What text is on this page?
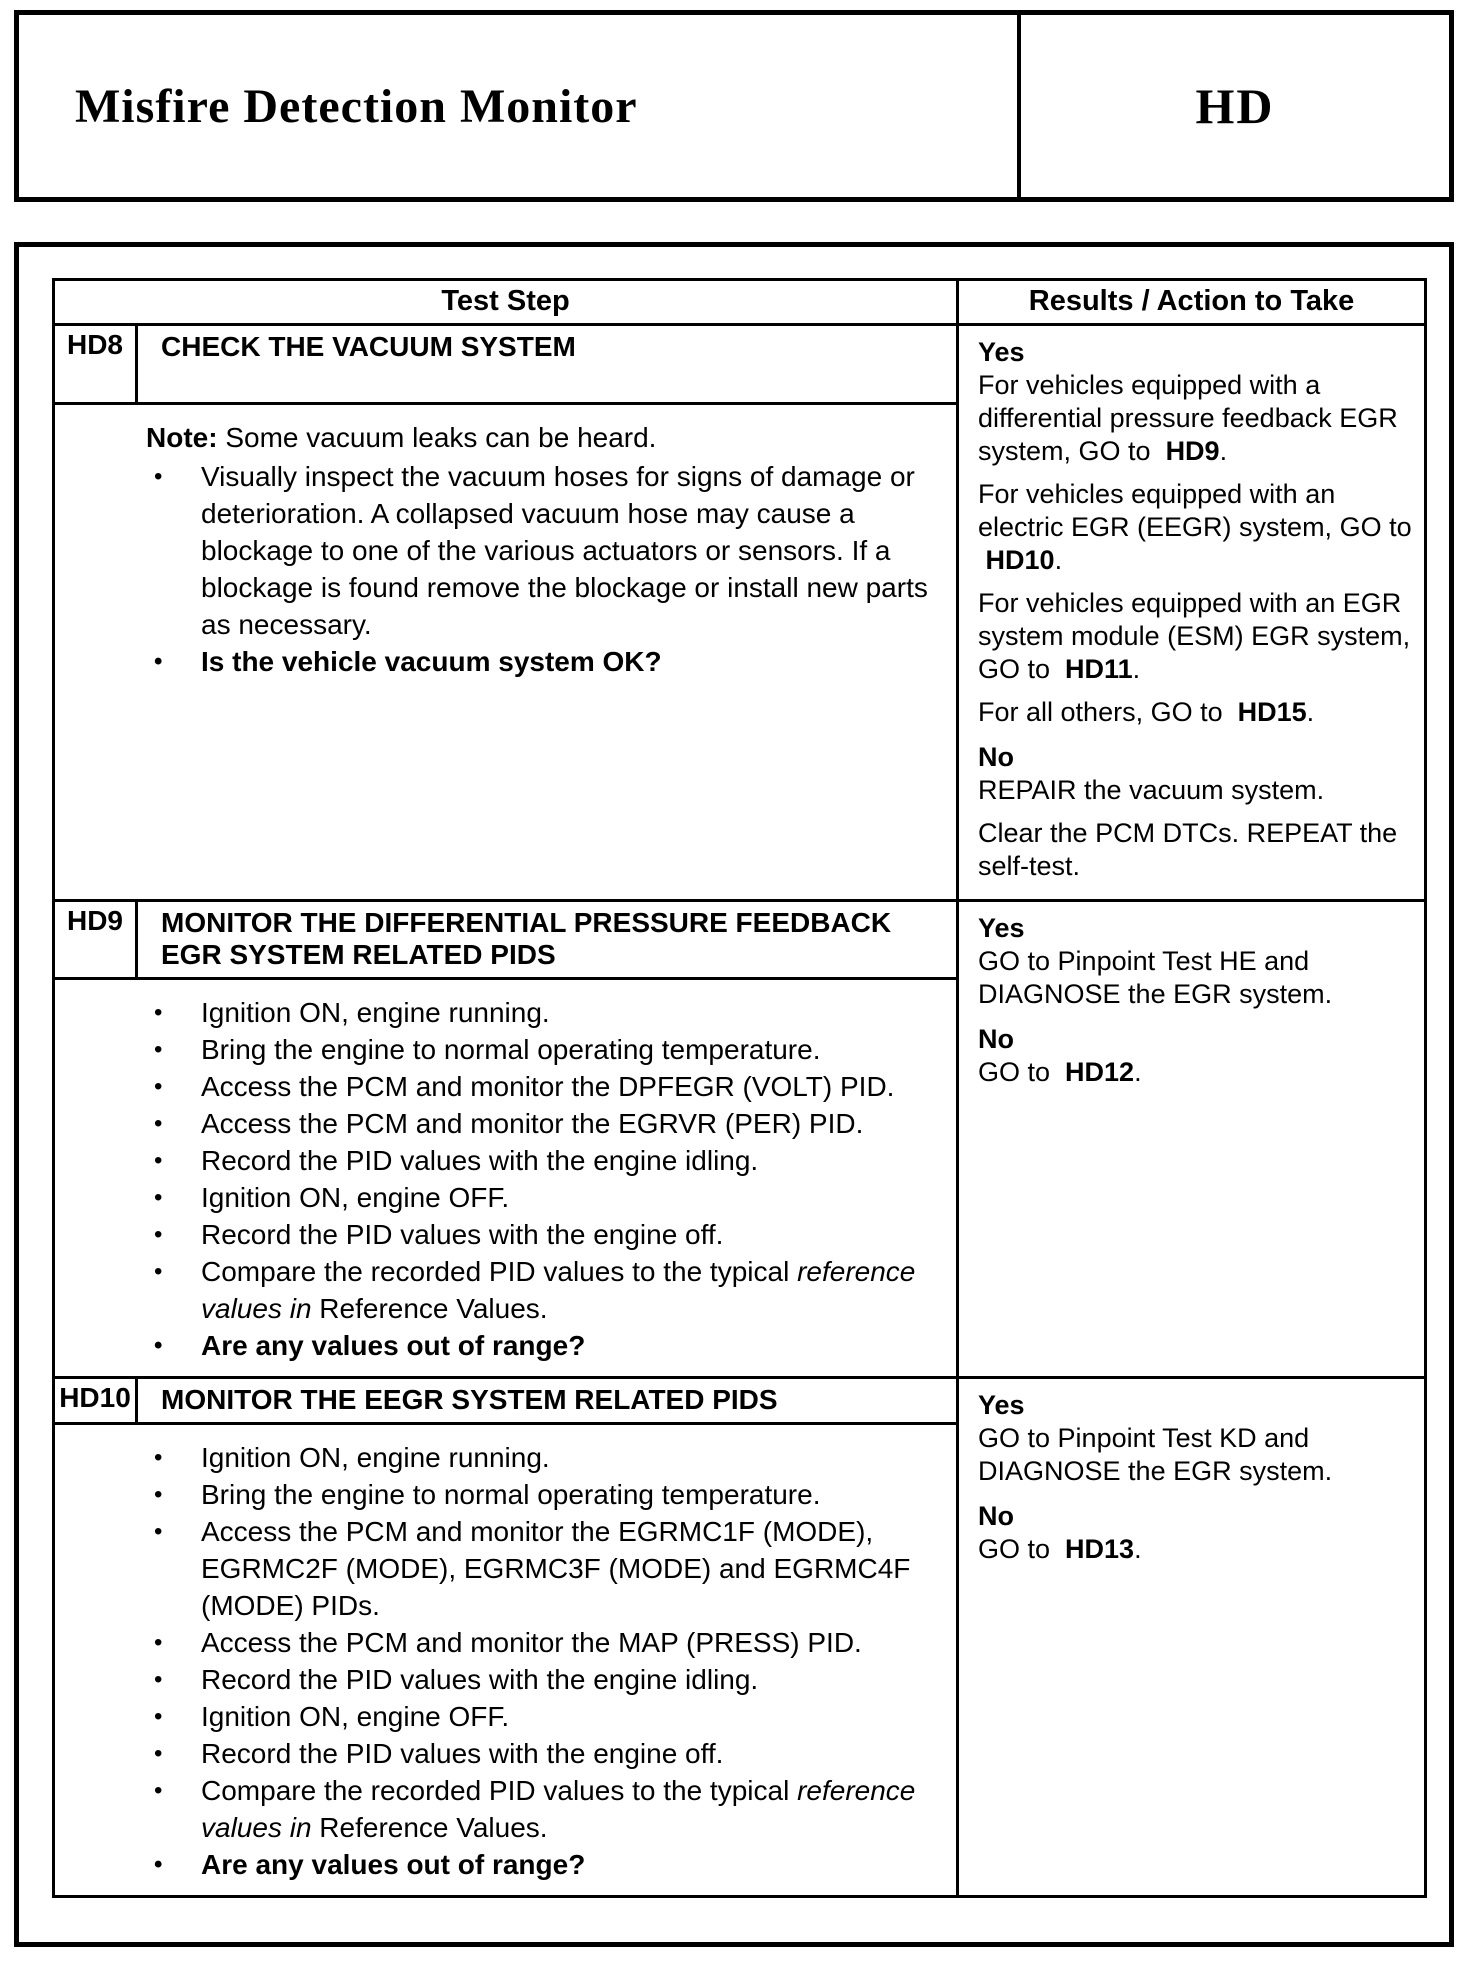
Misfire Detection Monitor	HD
Test Step		Results / Action to Take
HD8	CHECK THE VACUUM SYSTEM	Yes
For vehicles equipped with a differential pressure feedback EGR system, GO to  HD9.
For vehicles equipped with an electric EGR (EEGR) system, GO to  HD10.
For vehicles equipped with an EGR system module (ESM) EGR system, GO to  HD11.
For all others, GO to  HD15.
No
REPAIR the vacuum system.
Clear the PCM DTCs. REPEAT the self-test.

Note: Some vacuum leaks can be heard.
•	Visually inspect the vacuum hoses for signs of damage or deterioration. A collapsed vacuum hose may cause a blockage to one of the various actuators or sensors. If a blockage is found remove the blockage or install new parts as necessary.
•	Is the vehicle vacuum system OK?

HD9	MONITOR THE DIFFERENTIAL PRESSURE FEEDBACK EGR SYSTEM RELATED PIDS	Yes
GO to Pinpoint Test HE and DIAGNOSE the EGR system.
No
GO to  HD12.

•	Ignition ON, engine running.
•	Bring the engine to normal operating temperature.
•	Access the PCM and monitor the DPFEGR (VOLT) PID.
•	Access the PCM and monitor the EGRVR (PER) PID.
•	Record the PID values with the engine idling.
•	Ignition ON, engine OFF.
•	Record the PID values with the engine off.
•	Compare the recorded PID values to the typical reference values in Reference Values.
•	Are any values out of range?

HD10	MONITOR THE EEGR SYSTEM RELATED PIDS	Yes
GO to Pinpoint Test KD and DIAGNOSE the EGR system.
No
GO to  HD13.

•	Ignition ON, engine running.
•	Bring the engine to normal operating temperature.
•	Access the PCM and monitor the EGRMC1F (MODE), EGRMC2F (MODE), EGRMC3F (MODE) and EGRMC4F (MODE) PIDs.
•	Access the PCM and monitor the MAP (PRESS) PID.
•	Record the PID values with the engine idling.
•	Ignition ON, engine OFF.
•	Record the PID values with the engine off.
•	Compare the recorded PID values to the typical reference values in Reference Values.
•	Are any values out of range?
